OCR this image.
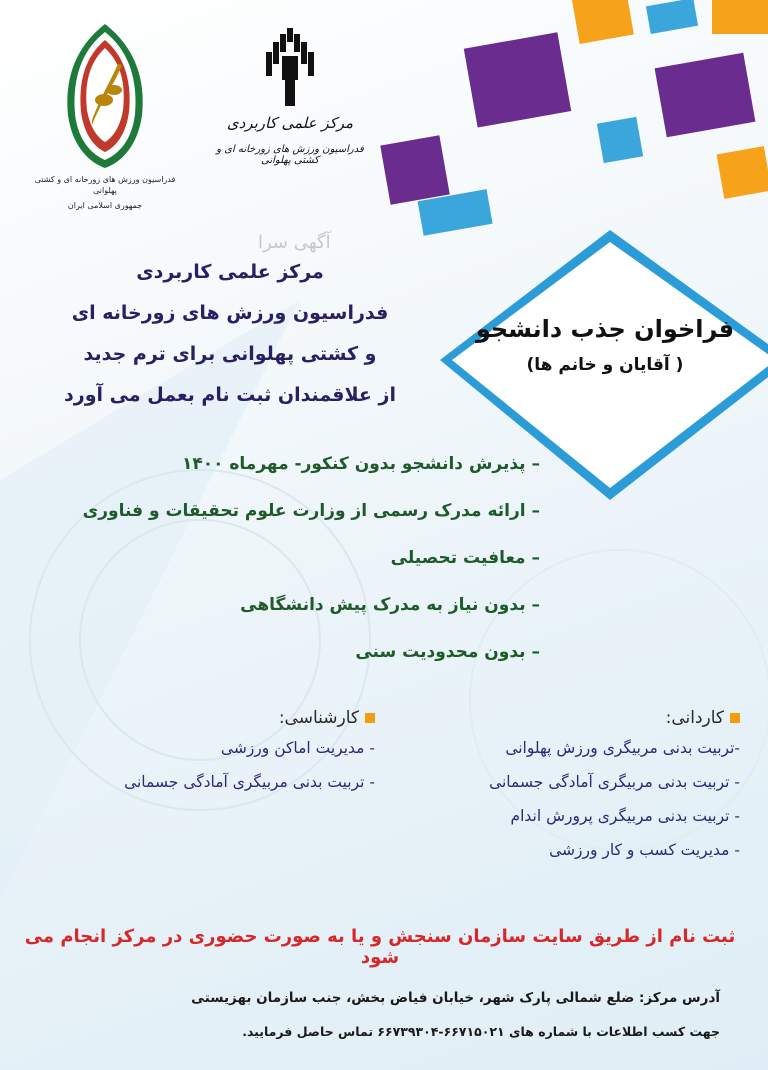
فدراسیون ورزش های زورخانه ای و کشتی پهلوانی
جمهوری اسلامی ایران
مرکز علمی کاربردی
فدراسیون ورزش های زورخانه ای و کشتی پهلوانی
آگهی سرا
مرکز علمی کاربردی
فدراسیون ورزش های زورخانه ای
و کشتی پهلوانی برای ترم جدید
از علاقمندان ثبت نام بعمل می آورد
فراخوان جذب دانشجو
( آقایان و خانم ها)
– پذیرش دانشجو بدون کنکور- مهرماه ۱۴۰۰
– ارائه مدرک رسمی از وزارت علوم تحقیقات و فناوری
– معافیت تحصیلی
– بدون نیاز به مدرک پیش دانشگاهی
– بدون محدودیت سنی
کاردانی:
-تربیت بدنی مربیگری ورزش پهلوانی
- تربیت بدنی مربیگری آمادگی جسمانی
- تربیت بدنی مربیگری پرورش اندام
- مدیریت کسب و کار ورزشی
کارشناسی:
- مدیریت اماکن ورزشی
- تربیت بدنی مربیگری آمادگی جسمانی
ثبت نام از طریق سایت سازمان سنجش و یا به صورت حضوری در مرکز انجام می شود
آدرس مرکز: ضلع شمالی پارک شهر، خیابان فیاض بخش، جنب سازمان بهزیستی
جهت کسب اطلاعات با شماره های ۶۶۷۱۵۰۲۱-۶۶۷۳۹۳۰۴ تماس حاصل فرمایید.
